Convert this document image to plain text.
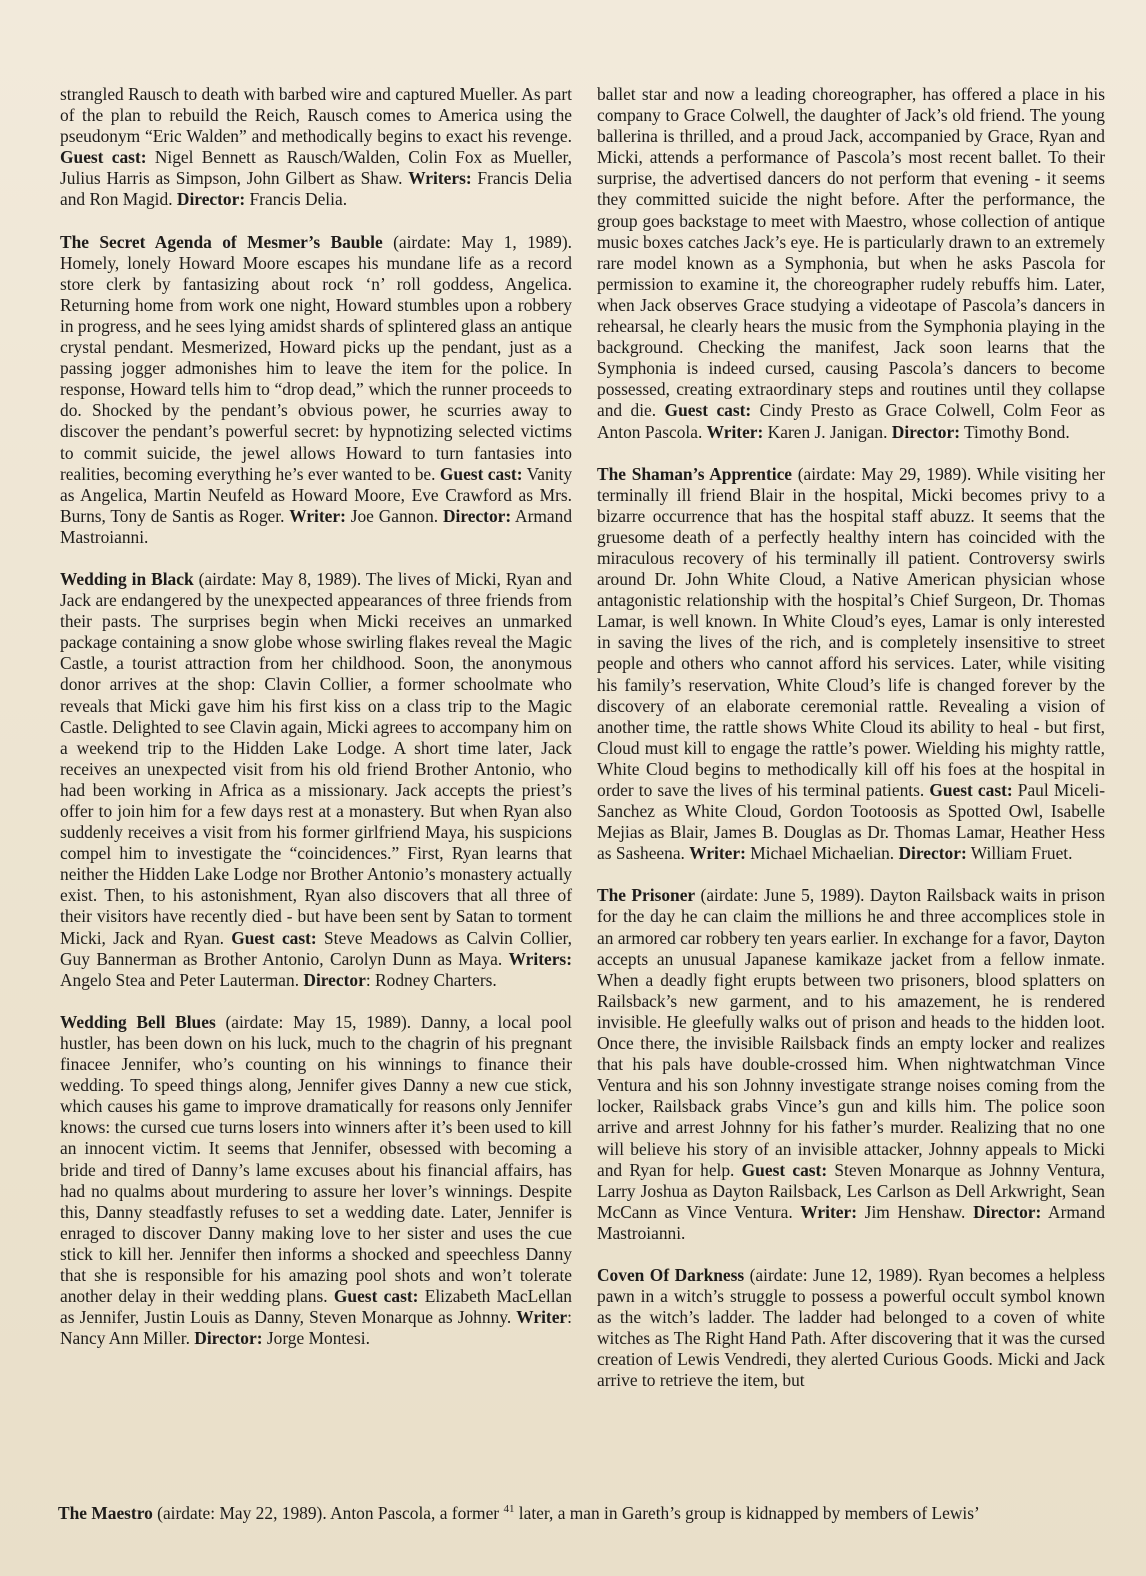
strangled Rausch to death with barbed wire and captured Mueller. As part of the plan to rebuild the Reich, Rausch comes to America using the pseudonym “Eric Walden” and methodically begins to exact his revenge. Guest cast: Nigel Bennett as Rausch/Walden, Colin Fox as Mueller, Julius Harris as Simpson, John Gilbert as Shaw. Writers: Francis Delia and Ron Magid. Director: Francis Delia.

The Secret Agenda of Mesmer’s Bauble (airdate: May 1, 1989). Homely, lonely Howard Moore escapes his mundane life as a record store clerk by fantasizing about rock ‘n’ roll goddess, Angelica. Returning home from work one night, Howard stumbles upon a robbery in progress, and he sees lying amidst shards of splintered glass an antique crystal pendant. Mesmerized, Howard picks up the pendant, just as a passing jogger admonishes him to leave the item for the police. In response, Howard tells him to “drop dead,” which the runner proceeds to do. Shocked by the pendant’s obvious power, he scurries away to discover the pendant’s powerful secret: by hypnotizing selected victims to commit suicide, the jewel allows Howard to turn fantasies into realities, becoming everything he’s ever wanted to be. Guest cast: Vanity as Angelica, Martin Neufeld as Howard Moore, Eve Crawford as Mrs. Burns, Tony de Santis as Roger. Writer: Joe Gannon. Director: Armand Mastroianni.

Wedding in Black (airdate: May 8, 1989). The lives of Micki, Ryan and Jack are endangered by the unexpected appearances of three friends from their pasts. The surprises begin when Micki receives an unmarked package containing a snow globe whose swirling flakes reveal the Magic Castle, a tourist attraction from her childhood. Soon, the anonymous donor arrives at the shop: Clavin Collier, a former schoolmate who reveals that Micki gave him his first kiss on a class trip to the Magic Castle. Delighted to see Clavin again, Micki agrees to accompany him on a weekend trip to the Hidden Lake Lodge. A short time later, Jack receives an unexpected visit from his old friend Brother Antonio, who had been working in Africa as a missionary. Jack accepts the priest’s offer to join him for a few days rest at a monastery. But when Ryan also suddenly receives a visit from his former girlfriend Maya, his suspicions compel him to investigate the “coincidences.” First, Ryan learns that neither the Hidden Lake Lodge nor Brother Antonio’s monastery actually exist. Then, to his astonishment, Ryan also discovers that all three of their visitors have recently died - but have been sent by Satan to torment Micki, Jack and Ryan. Guest cast: Steve Meadows as Calvin Collier, Guy Bannerman as Brother Antonio, Carolyn Dunn as Maya. Writers: Angelo Stea and Peter Lauterman. Director: Rodney Charters.

Wedding Bell Blues (airdate: May 15, 1989). Danny, a local pool hustler, has been down on his luck, much to the chagrin of his pregnant finacee Jennifer, who’s counting on his winnings to finance their wedding. To speed things along, Jennifer gives Danny a new cue stick, which causes his game to improve dramatically for reasons only Jennifer knows: the cursed cue turns losers into winners after it’s been used to kill an innocent victim. It seems that Jennifer, obsessed with becoming a bride and tired of Danny’s lame excuses about his financial affairs, has had no qualms about murdering to assure her lover’s winnings. Despite this, Danny steadfastly refuses to set a wedding date. Later, Jennifer is enraged to discover Danny making love to her sister and uses the cue stick to kill her. Jennifer then informs a shocked and speechless Danny that she is responsible for his amazing pool shots and won’t tolerate another delay in their wedding plans. Guest cast: Elizabeth MacLellan as Jennifer, Justin Louis as Danny, Steven Monarque as Johnny. Writer: Nancy Ann Miller. Director: Jorge Montesi.

ballet star and now a leading choreographer, has offered a place in his company to Grace Colwell, the daughter of Jack’s old friend. The young ballerina is thrilled, and a proud Jack, accompanied by Grace, Ryan and Micki, attends a performance of Pascola’s most recent ballet. To their surprise, the advertised dancers do not perform that evening - it seems they committed suicide the night before. After the performance, the group goes backstage to meet with Maestro, whose collection of antique music boxes catches Jack’s eye. He is particularly drawn to an extremely rare model known as a Symphonia, but when he asks Pascola for permission to examine it, the choreographer rudely rebuffs him. Later, when Jack observes Grace studying a videotape of Pascola’s dancers in rehearsal, he clearly hears the music from the Symphonia playing in the background. Checking the manifest, Jack soon learns that the Symphonia is indeed cursed, causing Pascola’s dancers to become possessed, creating extraordinary steps and routines until they collapse and die. Guest cast: Cindy Presto as Grace Colwell, Colm Feor as Anton Pascola. Writer: Karen J. Janigan. Director: Timothy Bond.

The Shaman’s Apprentice (airdate: May 29, 1989). While visiting her terminally ill friend Blair in the hospital, Micki becomes privy to a bizarre occurrence that has the hospital staff abuzz. It seems that the gruesome death of a perfectly healthy intern has coincided with the miraculous recovery of his terminally ill patient. Controversy swirls around Dr. John White Cloud, a Native American physician whose antagonistic relationship with the hospital’s Chief Surgeon, Dr. Thomas Lamar, is well known. In White Cloud’s eyes, Lamar is only interested in saving the lives of the rich, and is completely insensitive to street people and others who cannot afford his services. Later, while visiting his family’s reservation, White Cloud’s life is changed forever by the discovery of an elaborate ceremonial rattle. Revealing a vision of another time, the rattle shows White Cloud its ability to heal - but first, Cloud must kill to engage the rattle’s power. Wielding his mighty rattle, White Cloud begins to methodically kill off his foes at the hospital in order to save the lives of his terminal patients. Guest cast: Paul Miceli-Sanchez as White Cloud, Gordon Tootoosis as Spotted Owl, Isabelle Mejias as Blair, James B. Douglas as Dr. Thomas Lamar, Heather Hess as Sasheena. Writer: Michael Michaelian. Director: William Fruet.

The Prisoner (airdate: June 5, 1989). Dayton Railsback waits in prison for the day he can claim the millions he and three accomplices stole in an armored car robbery ten years earlier. In exchange for a favor, Dayton accepts an unusual Japanese kamikaze jacket from a fellow inmate. When a deadly fight erupts between two prisoners, blood splatters on Railsback’s new garment, and to his amazement, he is rendered invisible. He gleefully walks out of prison and heads to the hidden loot. Once there, the invisible Railsback finds an empty locker and realizes that his pals have double-crossed him. When nightwatchman Vince Ventura and his son Johnny investigate strange noises coming from the locker, Railsback grabs Vince’s gun and kills him. The police soon arrive and arrest Johnny for his father’s murder. Realizing that no one will believe his story of an invisible attacker, Johnny appeals to Micki and Ryan for help. Guest cast: Steven Monarque as Johnny Ventura, Larry Joshua as Dayton Railsback, Les Carlson as Dell Arkwright, Sean McCann as Vince Ventura. Writer: Jim Henshaw. Director: Armand Mastroianni.

Coven Of Darkness (airdate: June 12, 1989). Ryan becomes a helpless pawn in a witch’s struggle to possess a powerful occult symbol known as the witch’s ladder. The ladder had belonged to a coven of white witches as The Right Hand Path. After discovering that it was the cursed creation of Lewis Vendredi, they alerted Curious Goods. Micki and Jack arrive to retrieve the item, but

The Maestro (airdate: May 22, 1989). Anton Pascola, a former $^{41}$ later, a man in Gareth’s group is kidnapped by members of Lewis’
